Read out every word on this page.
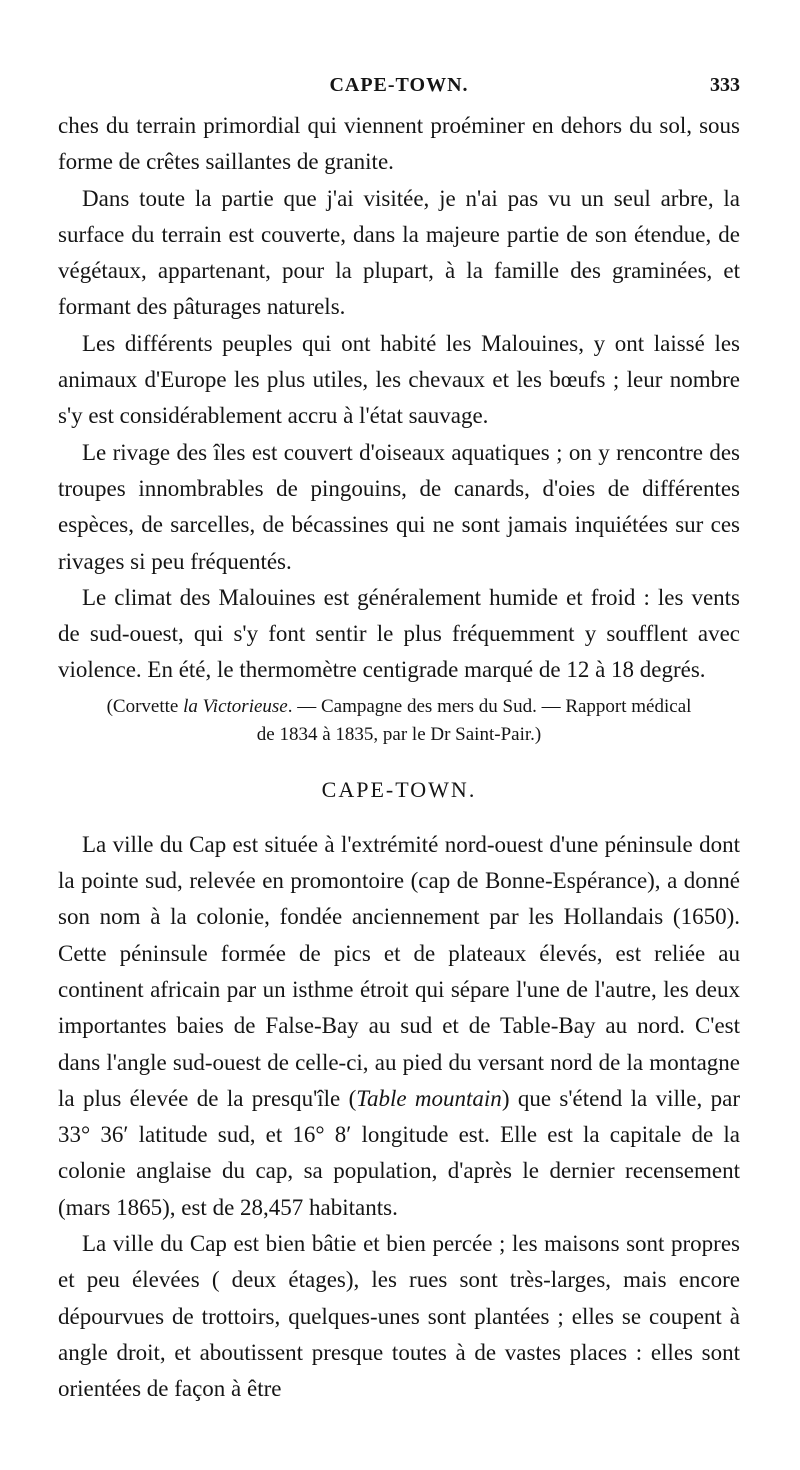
CAPE-TOWN.	333

ches du terrain primordial qui viennent proéminer en dehors du sol, sous forme de crêtes saillantes de granite.

Dans toute la partie que j'ai visitée, je n'ai pas vu un seul arbre, la surface du terrain est couverte, dans la majeure partie de son étendue, de végétaux, appartenant, pour la plupart, à la famille des graminées, et formant des pâturages naturels.

Les différents peuples qui ont habité les Malouines, y ont laissé les animaux d'Europe les plus utiles, les chevaux et les bœufs ; leur nombre s'y est considérablement accru à l'état sauvage.

Le rivage des îles est couvert d'oiseaux aquatiques ; on y rencontre des troupes innombrables de pingouins, de canards, d'oies de différentes espèces, de sarcelles, de bécassines qui ne sont jamais inquiétées sur ces rivages si peu fréquentés.

Le climat des Malouines est généralement humide et froid : les vents de sud-ouest, qui s'y font sentir le plus fréquemment y soufflent avec violence. En été, le thermomètre centigrade marqué de 12 à 18 degrés.

(Corvette la Victorieuse. — Campagne des mers du Sud. — Rapport médical
de 1834 à 1835, par le Dr Saint-Pair.)

CAPE-TOWN.

La ville du Cap est située à l'extrémité nord-ouest d'une péninsule dont la pointe sud, relevée en promontoire (cap de Bonne-Espérance), a donné son nom à la colonie, fondée anciennement par les Hollandais (1650). Cette péninsule formée de pics et de plateaux élevés, est reliée au continent africain par un isthme étroit qui sépare l'une de l'autre, les deux importantes baies de False-Bay au sud et de Table-Bay au nord. C'est dans l'angle sud-ouest de celle-ci, au pied du versant nord de la montagne la plus élevée de la presqu'île (Table mountain) que s'étend la ville, par 33° 36′ latitude sud, et 16° 8′ longitude est. Elle est la capitale de la colonie anglaise du cap, sa population, d'après le dernier recensement (mars 1865), est de 28,457 habitants.

La ville du Cap est bien bâtie et bien percée ; les maisons sont propres et peu élevées ( deux étages), les rues sont très-larges, mais encore dépourvues de trottoirs, quelques-unes sont plantées ; elles se coupent à angle droit, et aboutissent presque toutes à de vastes places : elles sont orientées de façon à être
